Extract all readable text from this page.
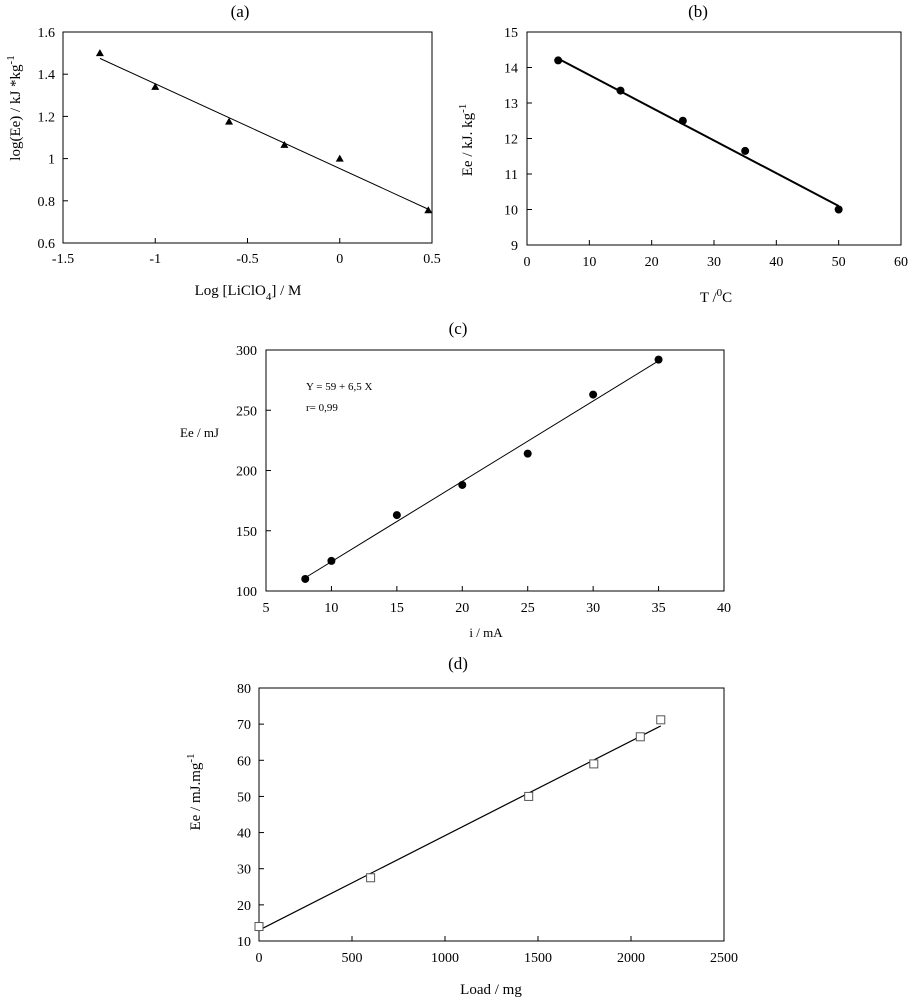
(a)
-1.5	-1	-0.5	0	0.5
0.6
0.8
1
1.2
1.4
1.6
Log [LiClO$_4$] / M
log(Ee) / kJ $*kg^{-1}$
(b)
0	10	20	30	40	50	60
9
10
11
12
13
14
15
T /$^0$C
Ee / kJ. $kg^{-1}$
(c)
5	10	15	20	25	30	35	40
100
150
200
250
300
i / mA
Ee / mJ
Y = 59 + 6,5 X
r= 0,99
(d)
0	500	1000	1500	2000	2500
10
20
30
40
50
60
70
80
Load / mg
Ee / $mJ.mg^{-1}$
